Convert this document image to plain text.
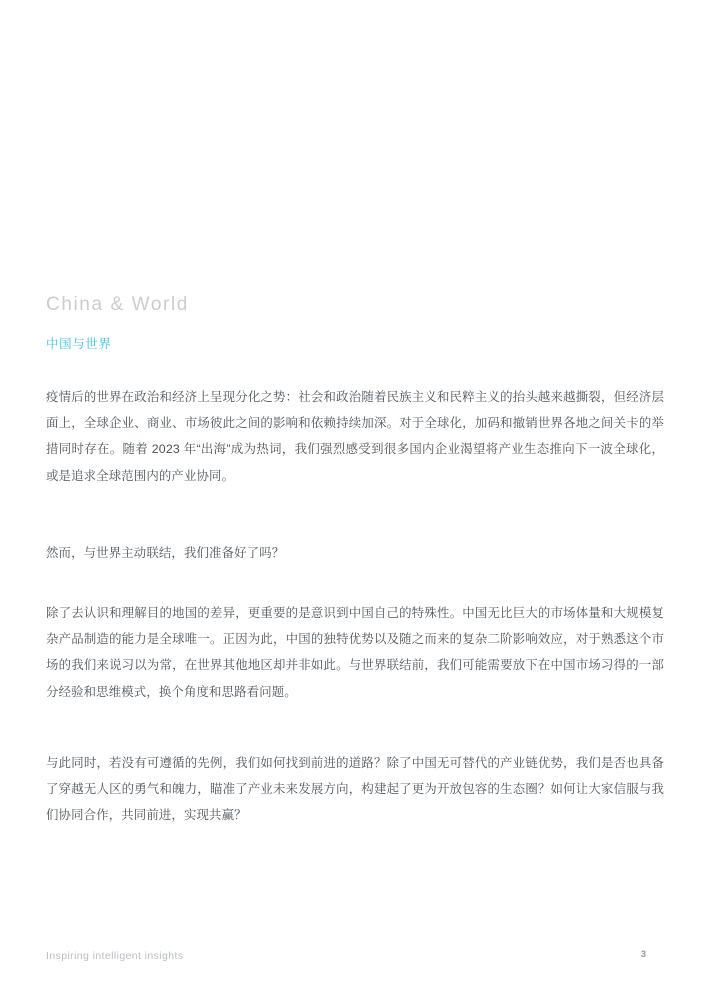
China & World
中国与世界

疫情后的世界在政治和经济上呈现分化之势：社会和政治随着民族主义和民粹主义的抬头越来越撕裂，但经济层面上，全球企业、商业、市场彼此之间的影响和依赖持续加深。对于全球化，加码和撤销世界各地之间关卡的举措同时存在。随着 2023 年“出海”成为热词，我们强烈感受到很多国内企业渴望将产业生态推向下一波全球化，或是追求全球范围内的产业协同。

然而，与世界主动联结，我们准备好了吗？

除了去认识和理解目的地国的差异，更重要的是意识到中国自己的特殊性。中国无比巨大的市场体量和大规模复杂产品制造的能力是全球唯一。正因为此，中国的独特优势以及随之而来的复杂二阶影响效应，对于熟悉这个市场的我们来说习以为常，在世界其他地区却并非如此。与世界联结前，我们可能需要放下在中国市场习得的一部分经验和思维模式，换个角度和思路看问题。

与此同时，若没有可遵循的先例，我们如何找到前进的道路？除了中国无可替代的产业链优势，我们是否也具备了穿越无人区的勇气和魄力，瞄准了产业未来发展方向，构建起了更为开放包容的生态圈？如何让大家信服与我们协同合作，共同前进，实现共赢？

Inspiring intelligent insights	3
